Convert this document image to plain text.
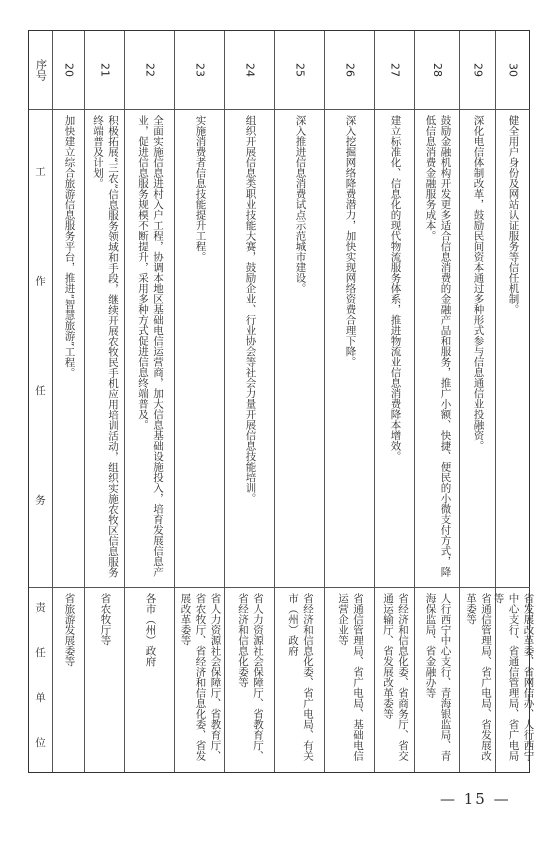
序号
工　　作　　任　　务
责　任　单　位
20
加快建立综合旅游信息服务平台，推进“智慧旅游”工程。
省旅游发展委等
21
积极拓展“三农”信息服务领域和手段，继续开展农牧民手机应用培训活动，组织实施农牧区信息服务终端普及计划。
省农牧厅等
22
全面实施信息进村入户工程，协调本地区基础电信运营商，加大信息基础设施投入，培育发展信息产业，促进信息服务规模不断提升，采用多种方式促进信息终端普及。
各市（州）政府
23
实施消费者信息技能提升工程。
省人力资源社会保障厅、省教育厅、省农牧厅、省经济和信息化委、省发展改革委等
24
组织开展信息类职业技能大赛，鼓励企业、行业协会等社会力量开展信息技能培训。
省人力资源社会保障厅、省教育厅、省经济和信息化委等
25
深入推进信息消费试点示范城市建设。
省经济和信息化委、省广电局、有关市（州）政府
26
深入挖掘网络降费潜力，加快实现网络资费合理下降。
省通信管理局、省广电局、基础电信运营企业等
27
建立标准化、信息化的现代物流服务体系，推进物流业信息消费降本增效。
省经济和信息化委、省商务厅、省交通运输厅、省发展改革委等
28
鼓励金融机构开发更多适合信息消费的金融产品和服务，推广小额、快捷、便民的小微支付方式，降低信息消费金融服务成本。
人行西宁中心支行、青海银监局、青海保监局、省金融办等
29
深化电信体制改革，鼓励民间资本通过多种形式参与信息通信业投融资。
省通信管理局、省广电局、省发展改革委等
30
健全用户身份及网站认证服务等信任机制。
省发展改革委、省网信办、人行西宁中心支行、省通信管理局、省广电局等
— 15 —
